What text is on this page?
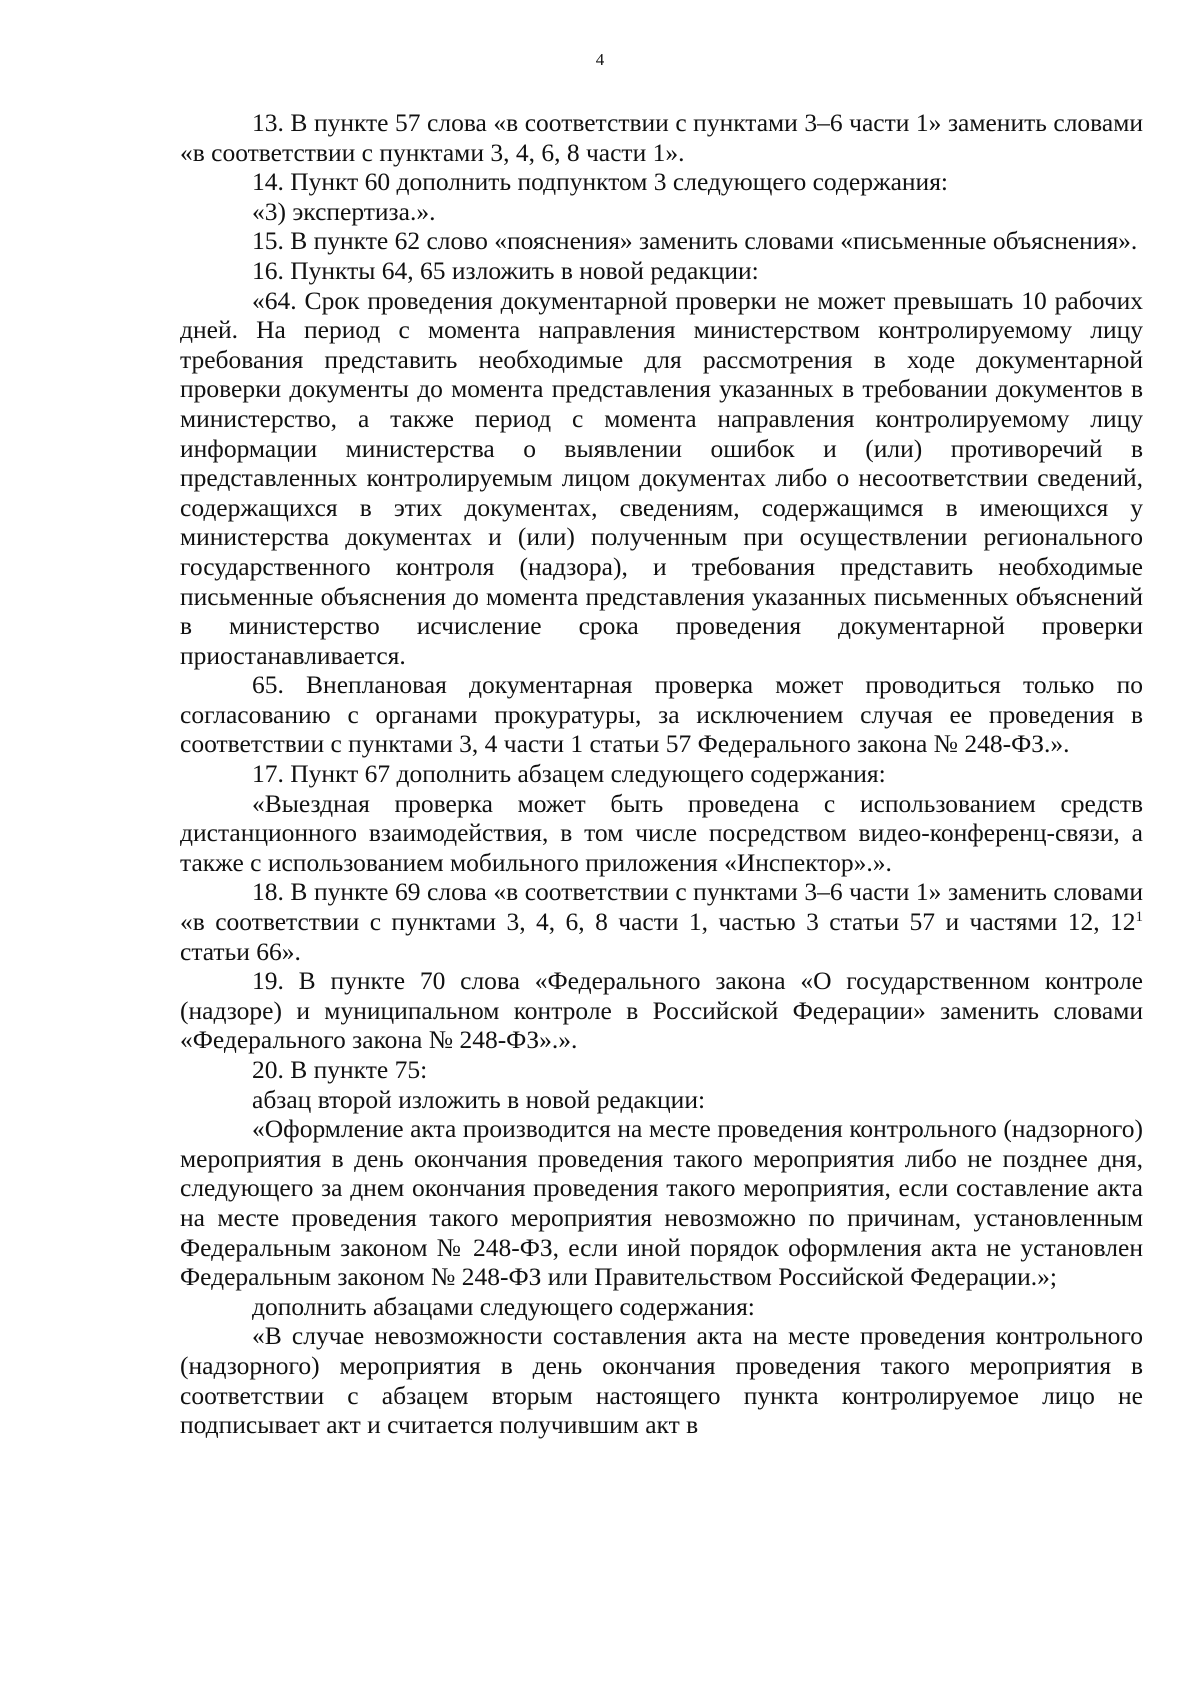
4

13. В пункте 57 слова «в соответствии с пунктами 3–6 части 1» заменить словами «в соответствии с пунктами 3, 4, 6, 8 части 1».

14. Пункт 60 дополнить подпунктом 3 следующего содержания:

«3) экспертиза.».

15. В пункте 62 слово «пояснения» заменить словами «письменные объяснения».

16. Пункты 64, 65 изложить в новой редакции:

«64. Срок проведения документарной проверки не может превышать 10 рабочих дней. На период с момента направления министерством контролируемому лицу требования представить необходимые для рассмотрения в ходе документарной проверки документы до момента представления указанных в требовании документов в министерство, а также период с момента направления контролируемому лицу информации министерства о выявлении ошибок и (или) противоречий в представленных контролируемым лицом документах либо о несоответствии сведений, содержащихся в этих документах, сведениям, содержащимся в имеющихся у министерства документах и (или) полученным при осуществлении регионального государственного контроля (надзора), и требования представить необходимые письменные объяснения до момента представления указанных письменных объяснений в министерство исчисление срока проведения документарной проверки приостанавливается.

65. Внеплановая документарная проверка может проводиться только по согласованию с органами прокуратуры, за исключением случая ее проведения в соответствии с пунктами 3, 4 части 1 статьи 57 Федерального закона № 248-ФЗ.».

17. Пункт 67 дополнить абзацем следующего содержания:

«Выездная проверка может быть проведена с использованием средств дистанционного взаимодействия, в том числе посредством видео-конференц-связи, а также с использованием мобильного приложения «Инспектор».».

18. В пункте 69 слова «в соответствии с пунктами 3–6 части 1» заменить словами «в соответствии с пунктами 3, 4, 6, 8 части 1, частью 3 статьи 57 и частями 12, $12^1$ статьи 66».

19. В пункте 70 слова «Федерального закона «О государственном контроле (надзоре) и муниципальном контроле в Российской Федерации» заменить словами «Федерального закона № 248-ФЗ».».

20. В пункте 75:

абзац второй изложить в новой редакции:

«Оформление акта производится на месте проведения контрольного (надзорного) мероприятия в день окончания проведения такого мероприятия либо не позднее дня, следующего за днем окончания проведения такого мероприятия, если составление акта на месте проведения такого мероприятия невозможно по причинам, установленным Федеральным законом № 248-ФЗ, если иной порядок оформления акта не установлен Федеральным законом № 248-ФЗ или Правительством Российской Федерации.»;

дополнить абзацами следующего содержания:

«В случае невозможности составления акта на месте проведения контрольного (надзорного) мероприятия в день окончания проведения такого мероприятия в соответствии с абзацем вторым настоящего пункта контролируемое лицо не подписывает акт и считается получившим акт в
